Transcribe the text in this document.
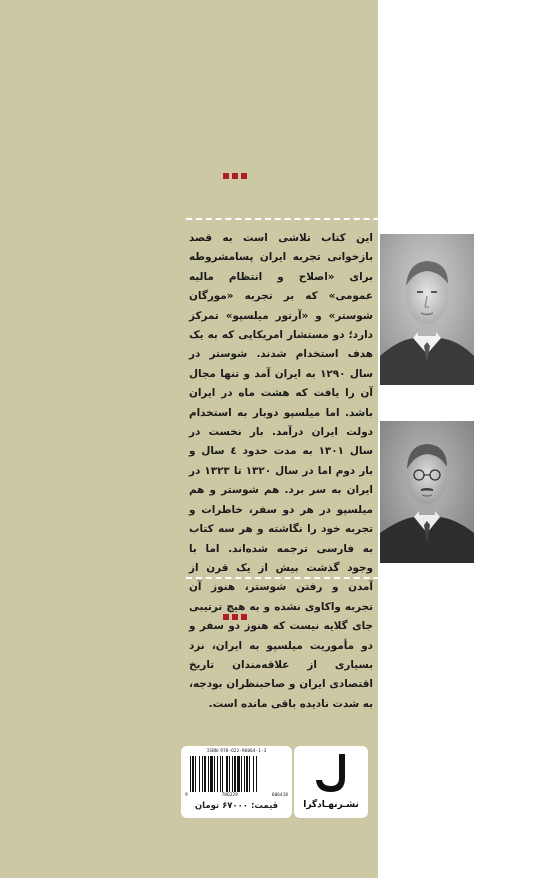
این کتاب تلاشی است به قصد بازخوانی تجربه ایران پسامشروطه برای «اصلاح و انتظام مالیه عمومی» که بر تجربه «مورگان شوستر» و «آرتور میلسپو» تمرکز دارد؛ دو مستشار امریکایی که به یک هدف استخدام شدند. شوستر در سال ۱۲۹۰ به ایران آمد و تنها مجال آن را یافت که هشت ماه در ایران باشد. اما میلسپو دوبار به استخدام دولت ایران درآمد. بار نخست در سال ۱۳۰۱ به مدت حدود ٤ سال و بار دوم اما در سال ۱۳۲۰ تا ۱۳۲۳ در ایران به سر برد. هم شوستر و هم میلسپو در هر دو سفر، خاطرات و تجربه خود را نگاشته و هر سه کتاب به فارسی ترجمه شده‌اند. اما با وجود گذشت بیش از یک قرن از آمدن و رفتن شوستر، هنوز آن تجربه واکاوی نشده و به هیچ ترتیبی جای گلایه نیست که هنوز دو سفر و دو مأموریت میلسپو به ایران، نزد بسیاری از علاقه‌مندان تاریخ اقتصادی ایران و صاحبنظران بودجه، به شدت نادیده باقی مانده است.
ISBN:978-622-96064-1-3
9	786229	606418
قیمت: ۶۷۰۰۰ تومان	نشـرنهـادگرا
